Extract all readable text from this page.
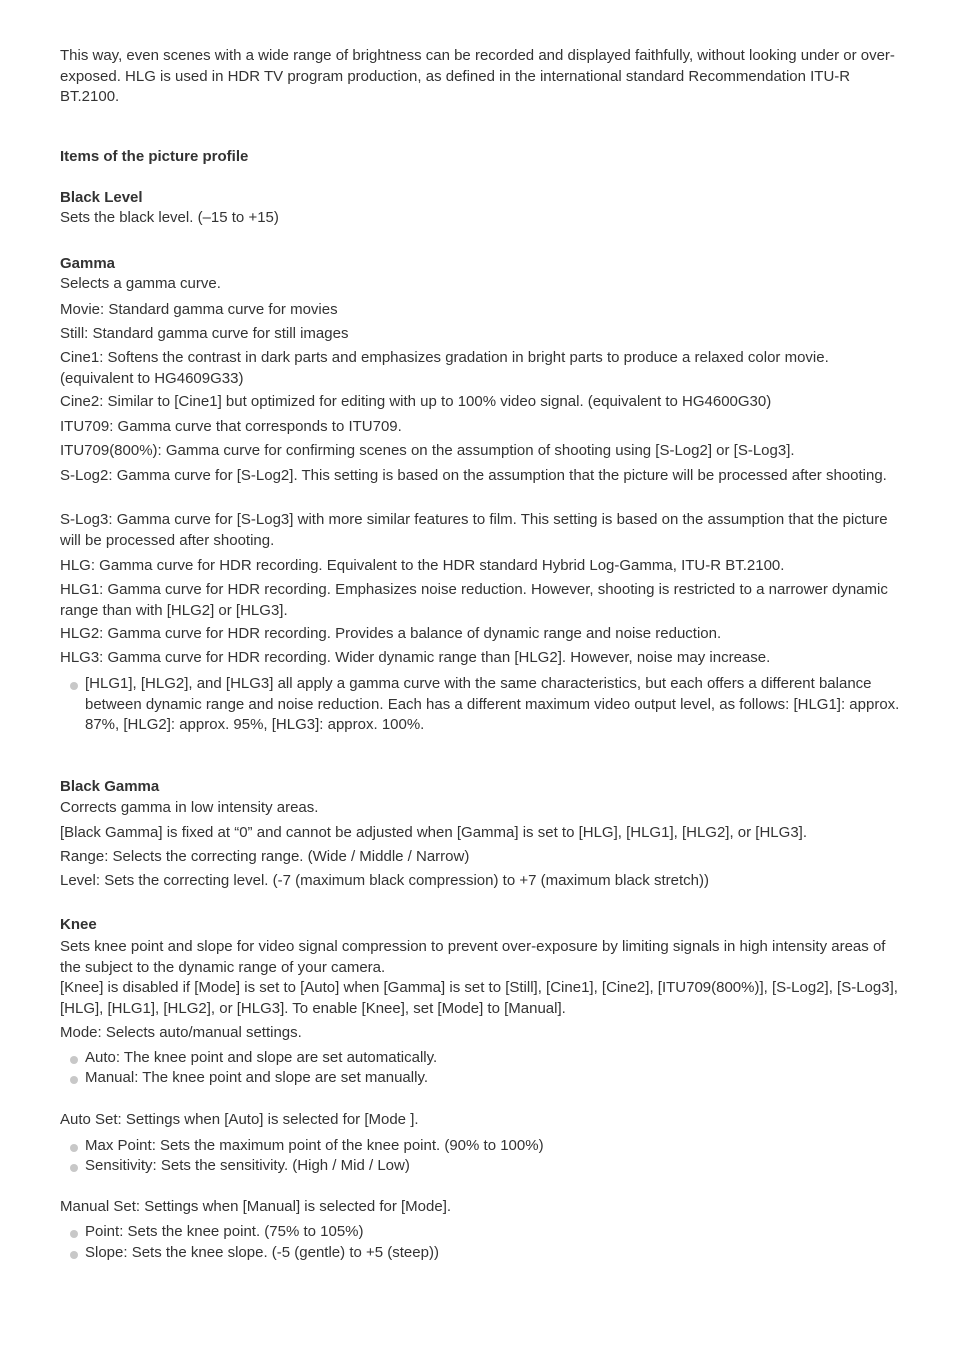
This way, even scenes with a wide range of brightness can be recorded and displayed faithfully, without looking under or over-exposed. HLG is used in HDR TV program production, as defined in the international standard Recommendation ITU-R BT.2100.

Items of the picture profile

Black Level

Sets the black level. (–15 to +15)

Gamma

Selects a gamma curve.

Movie: Standard gamma curve for movies

Still: Standard gamma curve for still images

Cine1: Softens the contrast in dark parts and emphasizes gradation in bright parts to produce a relaxed color movie. (equivalent to HG4609G33)

Cine2: Similar to [Cine1] but optimized for editing with up to 100% video signal. (equivalent to HG4600G30)

ITU709: Gamma curve that corresponds to ITU709.

ITU709(800%): Gamma curve for confirming scenes on the assumption of shooting using [S-Log2] or [S-Log3].

S-Log2: Gamma curve for [S-Log2]. This setting is based on the assumption that the picture will be processed after shooting.

S-Log3: Gamma curve for [S-Log3] with more similar features to film. This setting is based on the assumption that the picture will be processed after shooting.

HLG: Gamma curve for HDR recording. Equivalent to the HDR standard Hybrid Log-Gamma, ITU-R BT.2100.

HLG1: Gamma curve for HDR recording. Emphasizes noise reduction. However, shooting is restricted to a narrower dynamic range than with [HLG2] or [HLG3].

HLG2: Gamma curve for HDR recording. Provides a balance of dynamic range and noise reduction.

HLG3: Gamma curve for HDR recording. Wider dynamic range than [HLG2]. However, noise may increase.

[HLG1], [HLG2], and [HLG3] all apply a gamma curve with the same characteristics, but each offers a different balance between dynamic range and noise reduction. Each has a different maximum video output level, as follows: [HLG1]: approx. 87%, [HLG2]: approx. 95%, [HLG3]: approx. 100%.

Black Gamma

Corrects gamma in low intensity areas.

[Black Gamma] is fixed at “0” and cannot be adjusted when [Gamma] is set to [HLG], [HLG1], [HLG2], or [HLG3].

Range: Selects the correcting range. (Wide / Middle / Narrow)

Level: Sets the correcting level. (-7 (maximum black compression) to +7 (maximum black stretch))

Knee

Sets knee point and slope for video signal compression to prevent over-exposure by limiting signals in high intensity areas of the subject to the dynamic range of your camera.

[Knee] is disabled if [Mode] is set to [Auto] when [Gamma] is set to [Still], [Cine1], [Cine2], [ITU709(800%)], [S-Log2], [S-Log3], [HLG], [HLG1], [HLG2], or [HLG3]. To enable [Knee], set [Mode] to [Manual].

Mode: Selects auto/manual settings.

Auto: The knee point and slope are set automatically.

Manual: The knee point and slope are set manually.

Auto Set: Settings when [Auto] is selected for [Mode ].

Max Point: Sets the maximum point of the knee point. (90% to 100%)

Sensitivity: Sets the sensitivity. (High / Mid / Low)

Manual Set: Settings when [Manual] is selected for [Mode].

Point: Sets the knee point. (75% to 105%)

Slope: Sets the knee slope. (-5 (gentle) to +5 (steep))
